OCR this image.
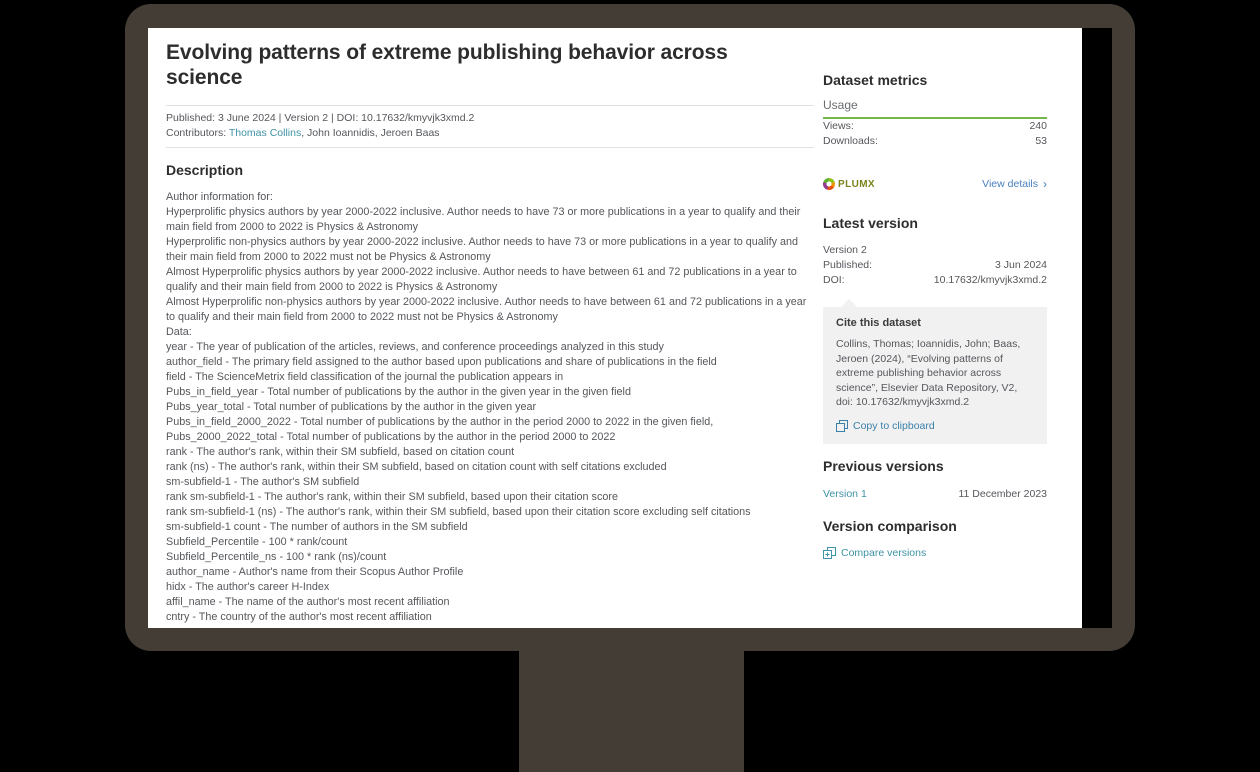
Evolving patterns of extreme publishing behavior across science
Published: 3 June 2024 | Version 2 | DOI: 10.17632/kmyvjk3xmd.2
Contributors: Thomas Collins, John Ioannidis, Jeroen Baas
Description
Author information for:
Hyperprolific physics authors by year 2000-2022 inclusive. Author needs to have 73 or more publications in a year to qualify and their main field from 2000 to 2022 is Physics & Astronomy
Hyperprolific non-physics authors by year 2000-2022 inclusive. Author needs to have 73 or more publications in a year to qualify and their main field from 2000 to 2022 must not be Physics & Astronomy
Almost Hyperprolific physics authors by year 2000-2022 inclusive. Author needs to have between 61 and 72 publications in a year to qualify and their main field from 2000 to 2022 is Physics & Astronomy
Almost Hyperprolific non-physics authors by year 2000-2022 inclusive. Author needs to have between 61 and 72 publications in a year to qualify and their main field from 2000 to 2022 must not be Physics & Astronomy
Data:
year - The year of publication of the articles, reviews, and conference proceedings analyzed in this study
author_field - The primary field assigned to the author based upon publications and share of publications in the field
field - The ScienceMetrix field classification of the journal the publication appears in
Pubs_in_field_year - Total number of publications by the author in the given year in the given field
Pubs_year_total - Total number of publications by the author in the given year
Pubs_in_field_2000_2022 - Total number of publications by the author in the period 2000 to 2022 in the given field,
Pubs_2000_2022_total - Total number of publications by the author in the period 2000 to 2022
rank - The author's rank, within their SM subfield, based on citation count
rank (ns) - The author's rank, within their SM subfield, based on citation count with self citations excluded
sm-subfield-1 - The author's SM subfield
rank sm-subfield-1 - The author's rank, within their SM subfield, based upon their citation score
rank sm-subfield-1 (ns) - The author's rank, within their SM subfield, based upon their citation score excluding self citations
sm-subfield-1 count - The number of authors in the SM subfield
Subfield_Percentile - 100 * rank/count
Subfield_Percentile_ns - 100 * rank (ns)/count
author_name - Author's name from their Scopus Author Profile
hidx - The author's career H-Index
affil_name - The name of the author's most recent affiliation
cntry - The country of the author's most recent affiliation
Dataset metrics
Usage
Views:	240
Downloads:	53
PLUMX	View details ›
Latest version
Version 2
Published:	3 Jun 2024
DOI:	10.17632/kmyvjk3xmd.2
Cite this dataset
Collins, Thomas; Ioannidis, John; Baas, Jeroen (2024), “Evolving patterns of extreme publishing behavior across science”, Elsevier Data Repository, V2, doi: 10.17632/kmyvjk3xmd.2
Copy to clipboard
Previous versions
Version 1	11 December 2023
Version comparison
Compare versions
